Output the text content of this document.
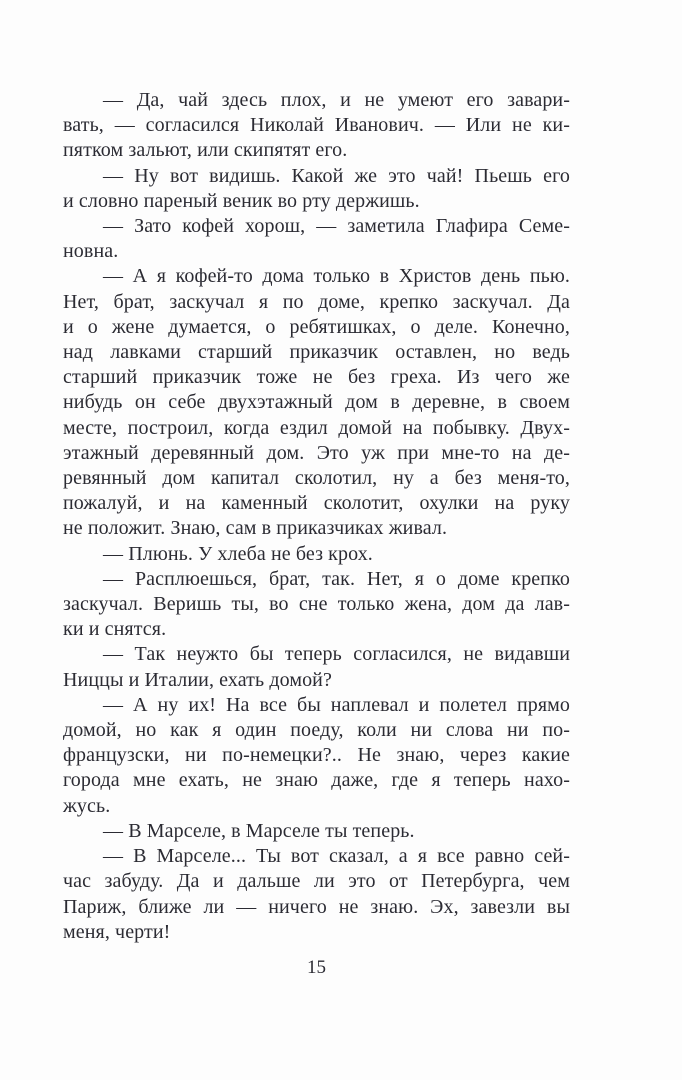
— Да, чай здесь плох, и не умеют его завари-
вать, — согласился Николай Иванович. — Или не ки-
пятком зальют, или скипятят его.
— Ну вот видишь. Какой же это чай! Пьешь его
и словно пареный веник во рту держишь.
— Зато кофей хорош, — заметила Глафира Семе-
новна.
— А я кофей-то дома только в Христов день пью.
Нет, брат, заскучал я по доме, крепко заскучал. Да
и о жене думается, о ребятишках, о деле. Конечно,
над лавками старший приказчик оставлен, но ведь
старший приказчик тоже не без греха. Из чего же
нибудь он себе двухэтажный дом в деревне, в своем
месте, построил, когда ездил домой на побывку. Двух-
этажный деревянный дом. Это уж при мне-то на де-
ревянный дом капитал сколотил, ну а без меня-то,
пожалуй, и на каменный сколотит, охулки на руку
не положит. Знаю, сам в приказчиках живал.
— Плюнь. У хлеба не без крох.
— Расплюешься, брат, так. Нет, я о доме крепко
заскучал. Веришь ты, во сне только жена, дом да лав-
ки и снятся.
— Так неужто бы теперь согласился, не видавши
Ниццы и Италии, ехать домой?
— А ну их! На все бы наплевал и полетел прямо
домой, но как я один поеду, коли ни слова ни по-
французски, ни по-немецки?.. Не знаю, через какие
города мне ехать, не знаю даже, где я теперь нахо-
жусь.
— В Марселе, в Марселе ты теперь.
— В Марселе... Ты вот сказал, а я все равно сей-
час забуду. Да и дальше ли это от Петербурга, чем
Париж, ближе ли — ничего не знаю. Эх, завезли вы
меня, черти!
15
